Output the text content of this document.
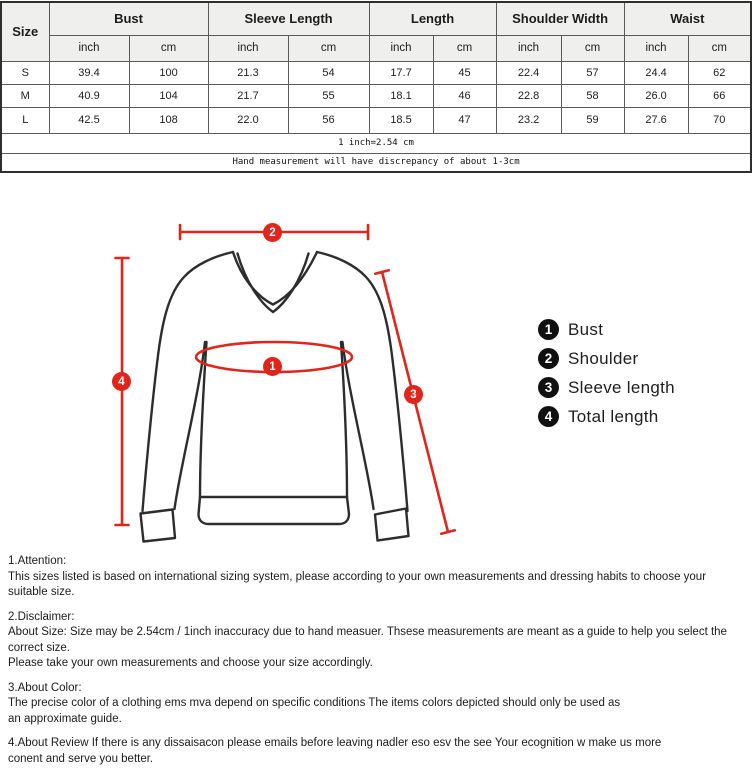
Size	Bust		Sleeve Length		Length		Shoulder Width		Waist	
	inch	cm	inch	cm	inch	cm	inch	cm	inch	cm
S	39.4	100	21.3	54	17.7	45	22.4	57	24.4	62
M	40.9	104	21.7	55	18.1	46	22.8	58	26.0	66
L	42.5	108	22.0	56	18.5	47	23.2	59	27.6	70
1 inch=2.54 cm										
Hand measurement will have discrepancy of about 1-3cm										
1
2
3
4
1 Bust
2 Shoulder
3 Sleeve length
4 Total length
1.Attention:
This sizes listed is based on international sizing system, please according to your own measurements and dressing habits to choose your suitable size.
2.Disclaimer:
About Size: Size may be 2.54cm / 1inch inaccuracy due to hand measuer. Thsese measurements are meant as a guide to help you select the correct size.
Please take your own measurements and choose your size accordingly.
3.About Color:
The precise color of a clothing ems mva depend on specific conditions The items colors depicted should only be used as
an approximate guide.
4.About Review If there is any dissaisacon please emails before leaving nadler eso esv the see Your ecognition w make us more
conent and serve you better.
